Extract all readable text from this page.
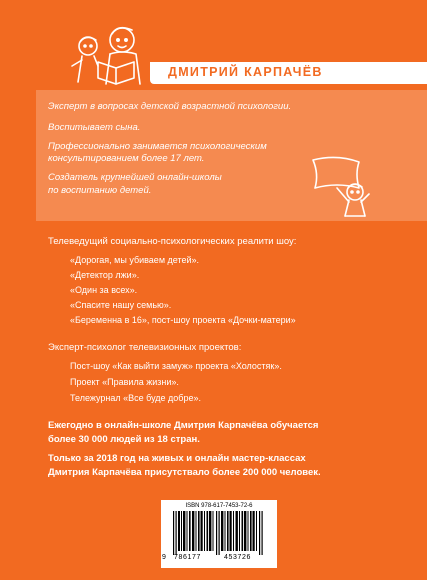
ДМИТРИЙ КАРПАЧЁВ
Эксперт в вопросах детской возрастной психологии.
Воспитывает сына.
Профессионально занимается психологическим
консультированием более 17 лет.
Создатель крупнейшей онлайн-школы
по воспитанию детей.
Телеведущий социально-психологических реалити шоу:
«Дорогая, мы убиваем детей».
«Детектор лжи».
«Один за всех».
«Спасите нашу семью».
«Беременна в 16», пост-шоу проекта «Дочки-матери»
Эксперт-психолог телевизионных проектов:
Пост-шоу «Как выйти замуж» проекта «Холостяк».
Проект «Правила жизни».
Тележурнал «Все буде добре».
Ежегодно в онлайн-школе Дмитрия Карпачёва обучается
более 30 000 людей из 18 стран.
Только за 2018 год на живых и онлайн мастер-классах
Дмитрия Карпачёва присутствало более 200 000 человек.
ISBN 978-617-7453-72-6
9 786177	453726
